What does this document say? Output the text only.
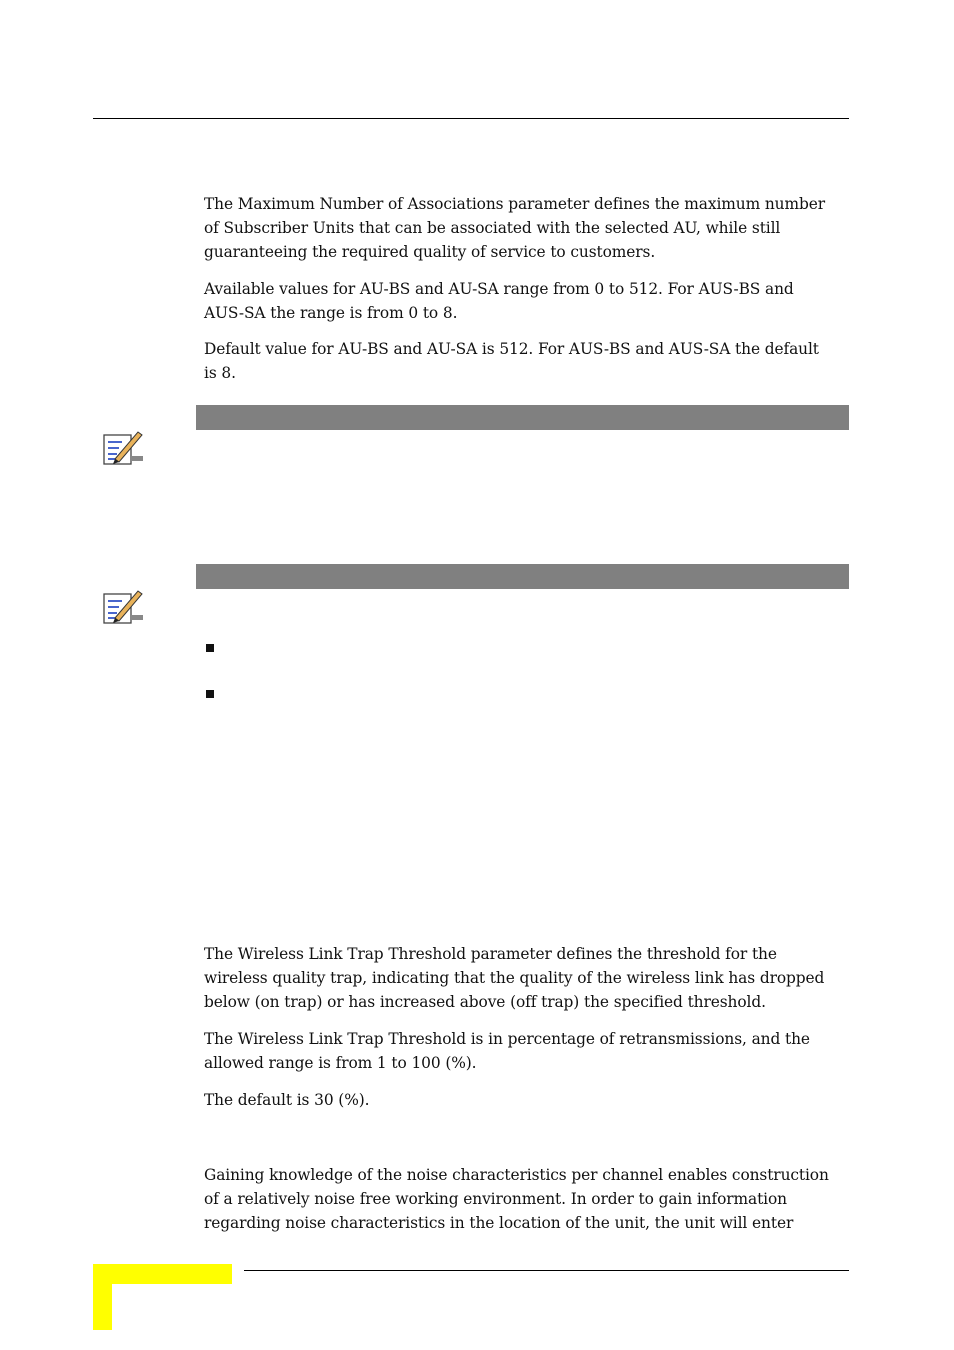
The Maximum Number of Associations parameter defines the maximum number
of Subscriber Units that can be associated with the selected AU, while still
guaranteeing the required quality of service to customers.

Available values for AU-BS and AU-SA range from 0 to 512. For AUS-BS and
AUS-SA the range is from 0 to 8.

Default value for AU-BS and AU-SA is 512. For AUS-BS and AUS-SA the default
is 8.

The Wireless Link Trap Threshold parameter defines the threshold for the
wireless quality trap, indicating that the quality of the wireless link has dropped
below (on trap) or has increased above (off trap) the specified threshold.

The Wireless Link Trap Threshold is in percentage of retransmissions, and the
allowed range is from 1 to 100 (%).

The default is 30 (%).

Gaining knowledge of the noise characteristics per channel enables construction
of a relatively noise free working environment. In order to gain information
regarding noise characteristics in the location of the unit, the unit will enter
